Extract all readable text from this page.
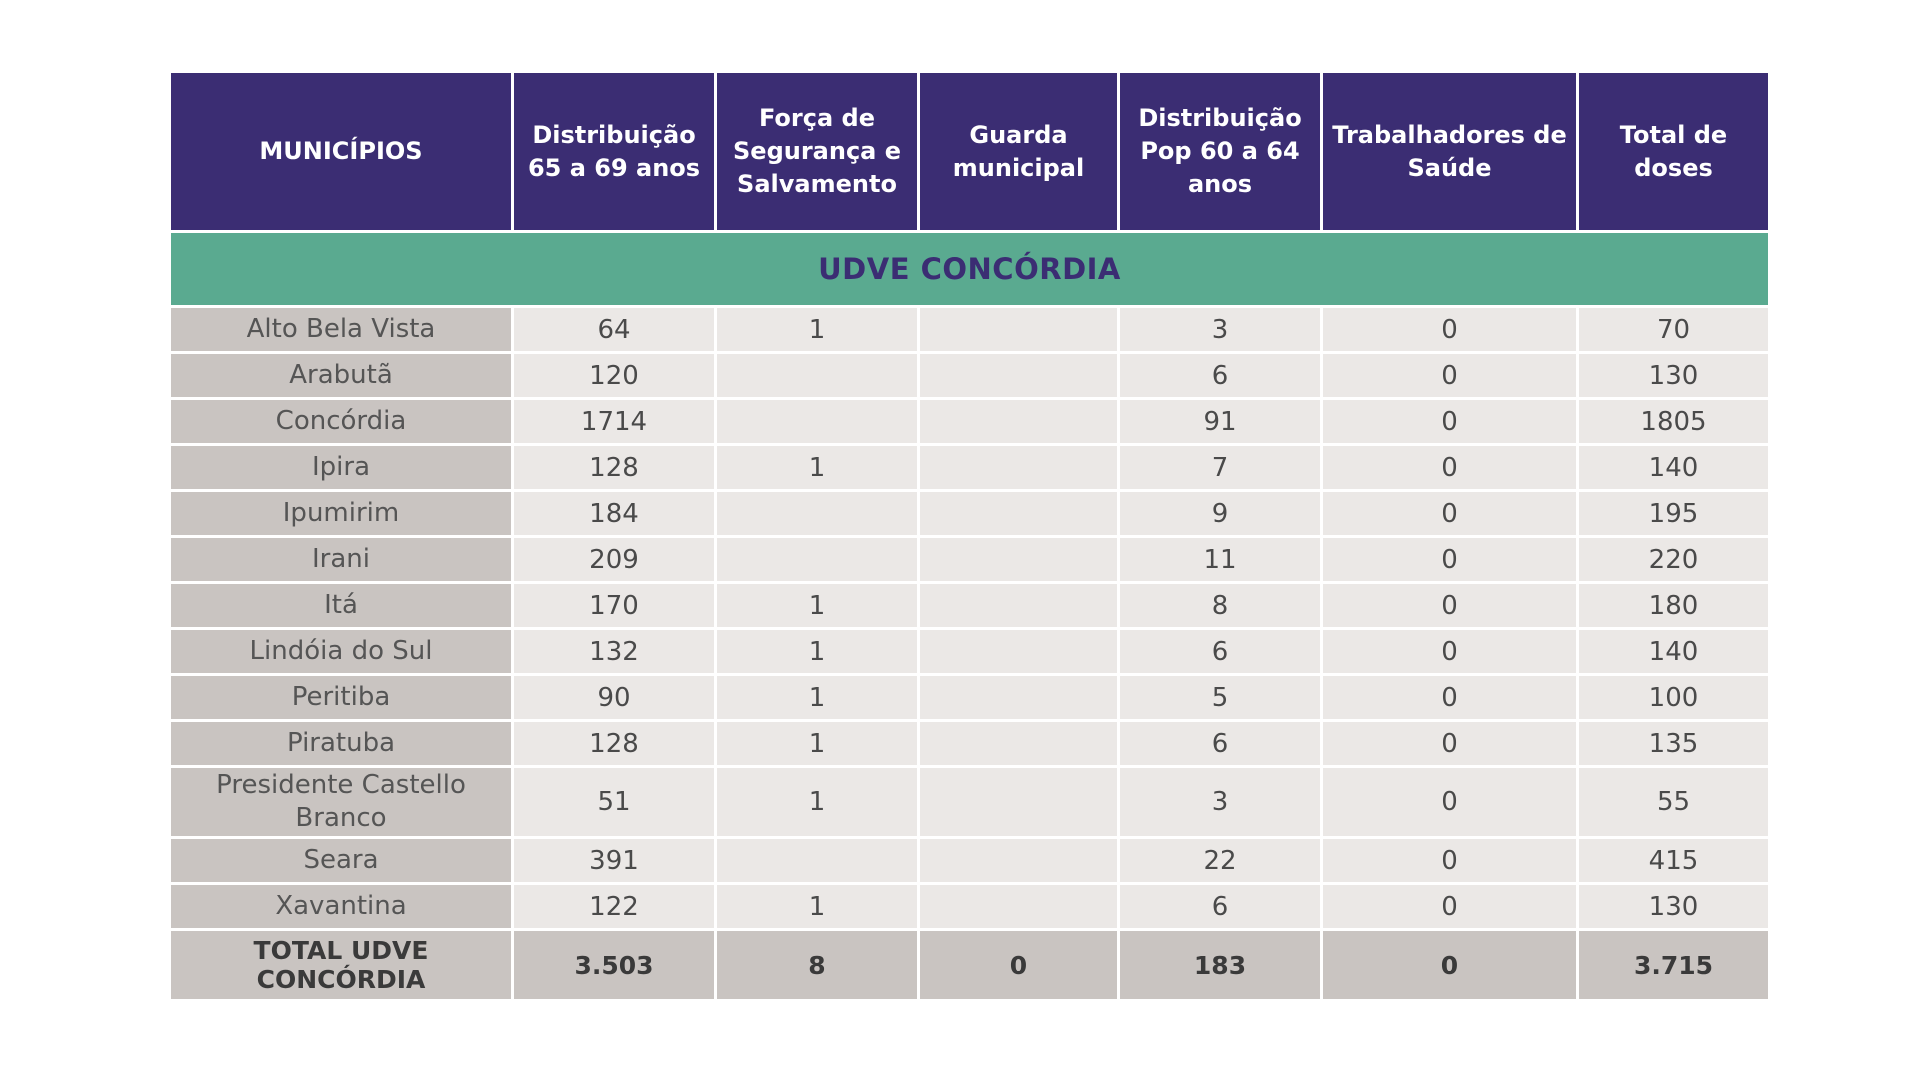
MUNICÍPIOS	Distribuição 65 a 69 anos	Força de Segurança e Salvamento	Guarda municipal	Distribuição Pop 60 a 64 anos	Trabalhadores de Saúde	Total de doses
UDVE CONCÓRDIA						
Alto Bela Vista	64	1		3	0	70
Arabutã	120			6	0	130
Concórdia	1714			91	0	1805
Ipira	128	1		7	0	140
Ipumirim	184			9	0	195
Irani	209			11	0	220
Itá	170	1		8	0	180
Lindóia do Sul	132	1		6	0	140
Peritiba	90	1		5	0	100
Piratuba	128	1		6	0	135
Presidente Castello Branco	51	1		3	0	55
Seara	391			22	0	415
Xavantina	122	1		6	0	130
TOTAL UDVE CONCÓRDIA	3.503	8	0	183	0	3.715
